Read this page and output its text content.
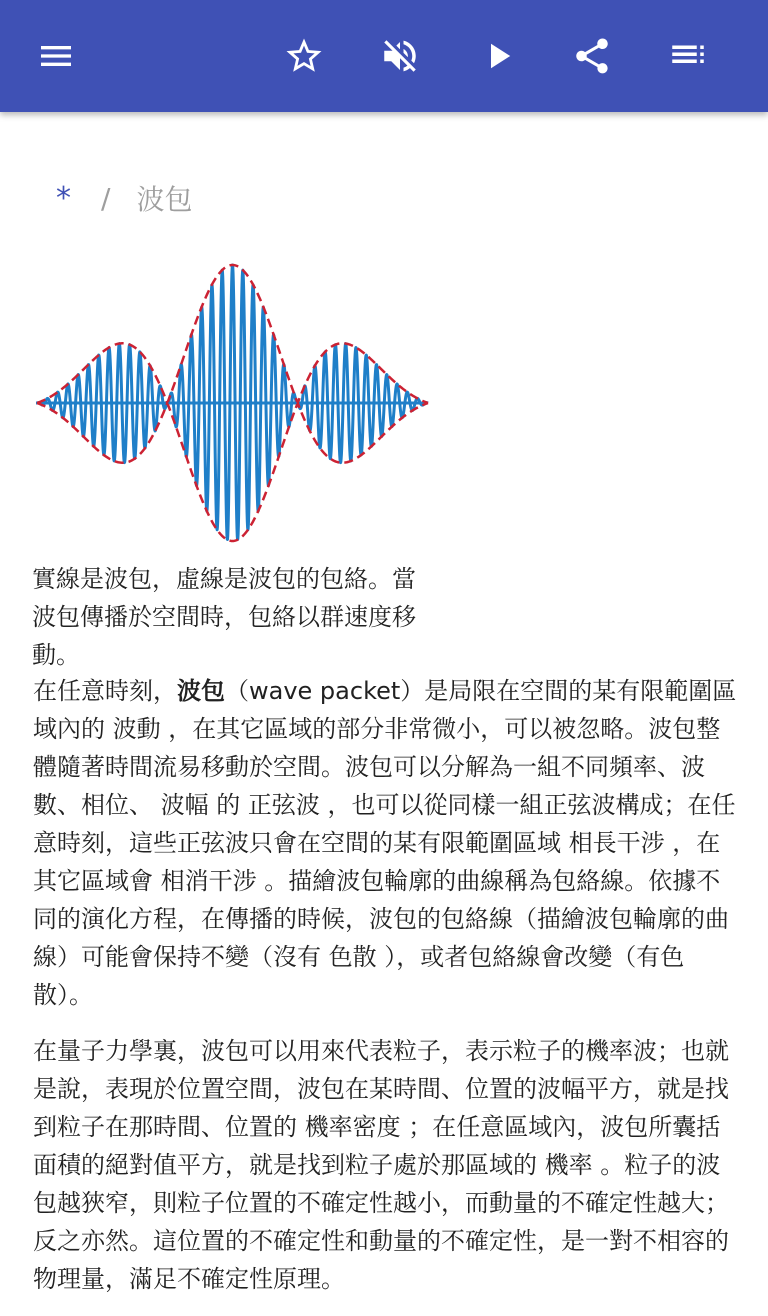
* / 波包
實線是波包，虛線是波包的包絡。當波包傳播於空間時，包絡以群速度移動。

在任意時刻，波包（wave packet）是局限在空間的某有限範圍區域內的 波動 ，在其它區域的部分非常微小，可以被忽略。波包整體隨著時間流易移動於空間。波包可以分解為一組不同頻率、波數、相位、 波幅 的 正弦波 ，也可以從同樣一組正弦波構成；在任意時刻，這些正弦波只會在空間的某有限範圍區域 相長干涉 ，在其它區域會 相消干涉 。描繪波包輪廓的曲線稱為包絡線。依據不同的演化方程，在傳播的時候，波包的包絡線（描繪波包輪廓的曲線）可能會保持不變（沒有 色散 ），或者包絡線會改變（有色散）。

在量子力學裏，波包可以用來代表粒子，表示粒子的機率波；也就是說，表現於位置空間，波包在某時間、位置的波幅平方，就是找到粒子在那時間、位置的 機率密度 ；在任意區域內，波包所囊括面積的絕對值平方，就是找到粒子處於那區域的 機率 。粒子的波包越狹窄，則粒子位置的不確定性越小，而動量的不確定性越大；反之亦然。這位置的不確定性和動量的不確定性，是一對不相容的物理量，滿足不確定性原理。
